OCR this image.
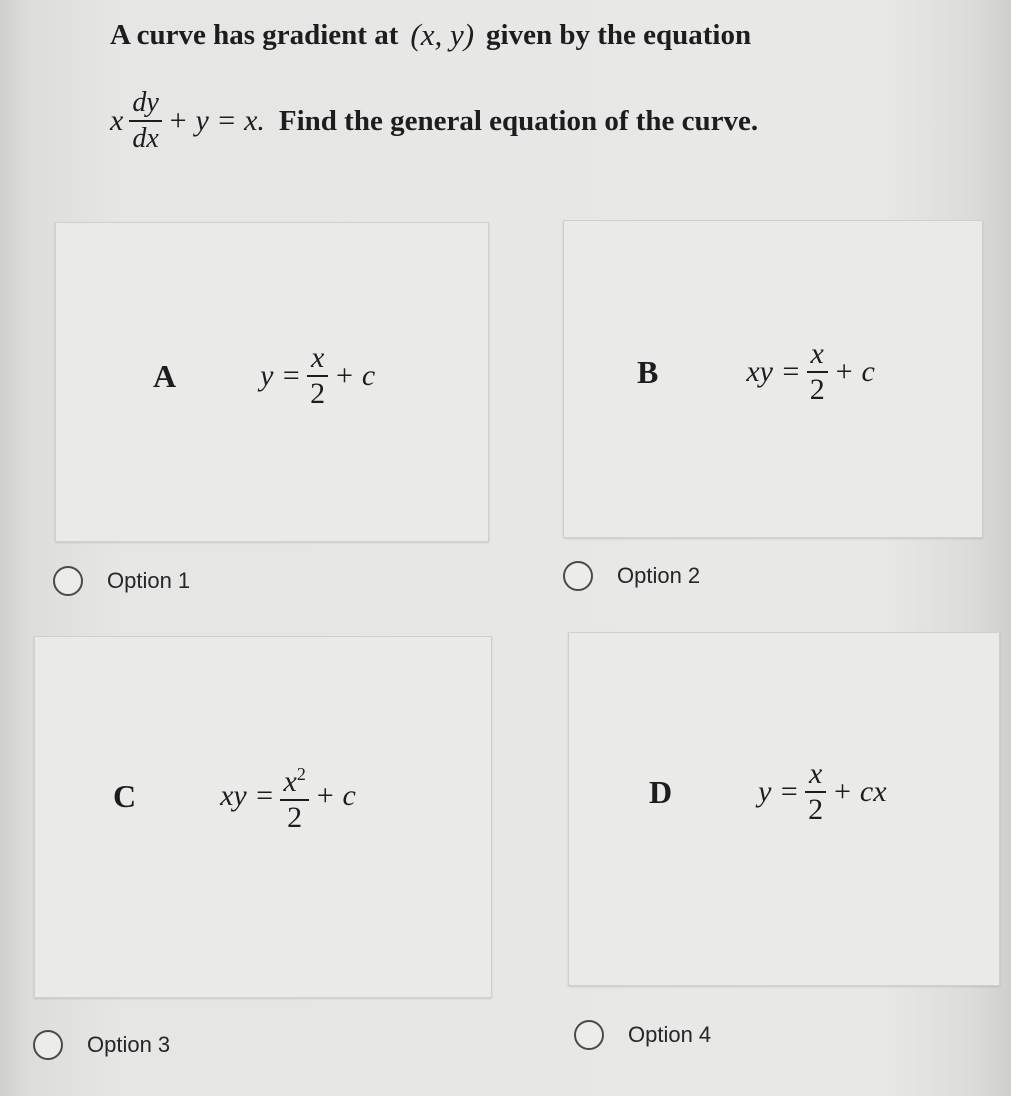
A curve has gradient at (x, y) given by the equation
x $\frac{dy}{dx} + y = x$. Find the general equation of the curve.
A	$y = \frac{x}{2} + c$	B	xy = $\frac{x}{2} + c$
C	xy = $\frac{x^2}{2} + c$	D	$y = \frac{x}{2}$ + cx
Option 1	Option 2
Option 3	Option 4
